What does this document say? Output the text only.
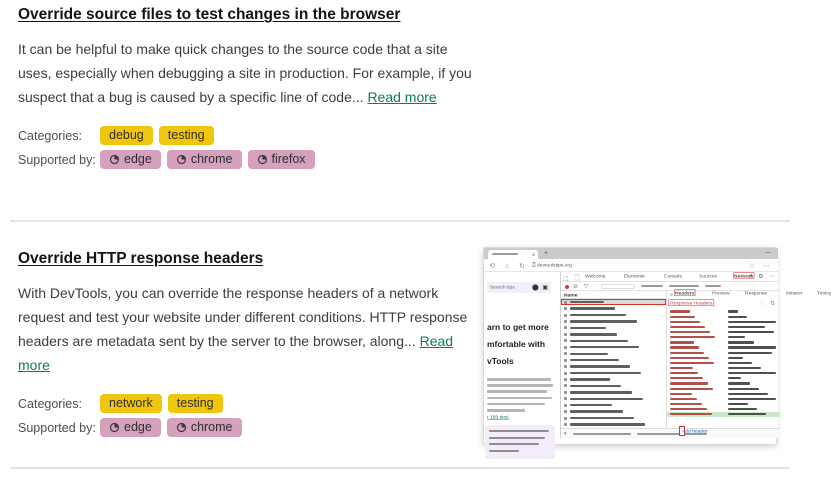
Override source files to test changes in the browser

It can be helpful to make quick changes to the source code that a site uses, especially when debugging a site in production. For example, if you suspect that a bug is caused by a specific line of code... Read more

Categories:	debug testing
Supported by:	edge	chrome	firefox
Override HTTP response headers

With DevTools, you can override the response headers of a network request and test your website under different conditions. HTTP response headers are metadata sent by the server to the browser, along... Read more

Categories:	network testing
Supported by:	edge	chrome
✕ +	—
⟲ ⌂ ↻ ⚿ devtoolstips.org	☆ ⋯
Search tips	⬤ ▣
arn to get more
mfortable with
vTools
r 150 tips!
⬚ ⿴
Welcome Elements Console Sources Network
+ ⚙ ⋯
⊘ ▽
Name	✕ Headers Preview Response Initiator Timing
◌ ⇅
Response Headers
▾
Add header
